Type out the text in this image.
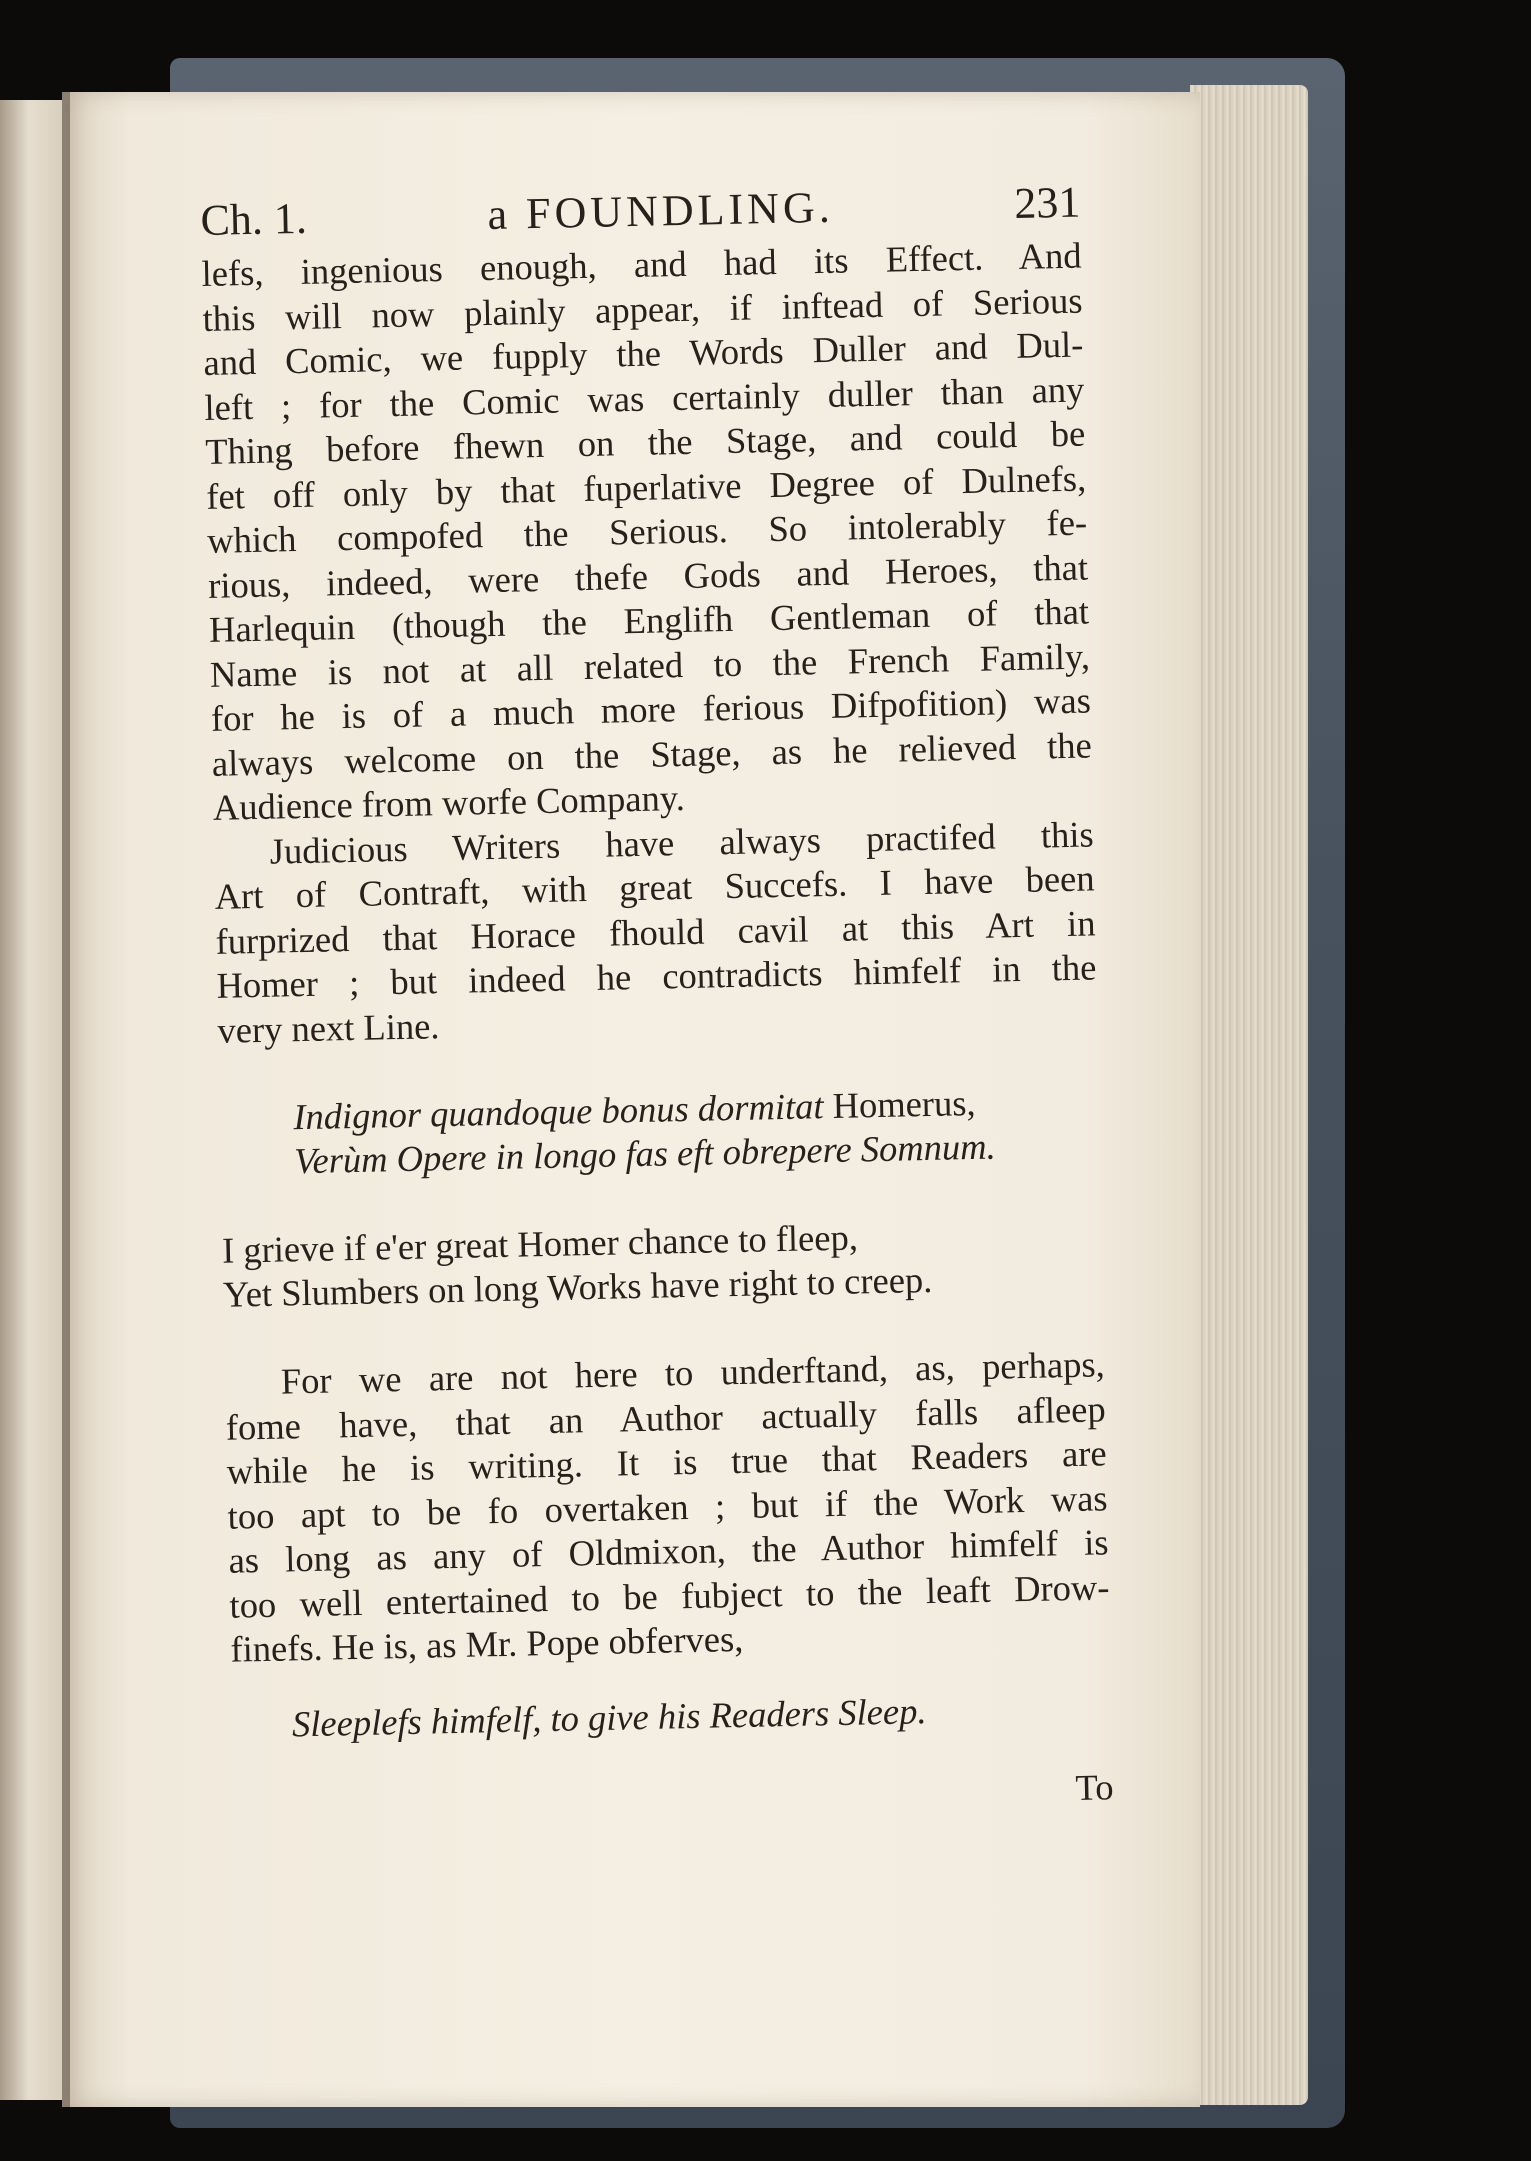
Ch. 1.	a FOUNDLING.	231
lefs, ingenious enough, and had its Effect. And
this will now plainly appear, if inftead of Serious
and Comic, we fupply the Words Duller and Dul-
left ; for the Comic was certainly duller than any
Thing before fhewn on the Stage, and could be
fet off only by that fuperlative Degree of Dulnefs,
which compofed the Serious. So intolerably fe-
rious, indeed, were thefe Gods and Heroes, that
Harlequin (though the Englifh Gentleman of that
Name is not at all related to the French Family,
for he is of a much more ferious Difpofition) was
always welcome on the Stage, as he relieved the
Audience from worfe Company.
Judicious Writers have always practifed this
Art of Contraft, with great Succefs. I have been
furprized that Horace fhould cavil at this Art in
Homer ; but indeed he contradicts himfelf in the
very next Line.
Indignor quandoque bonus dormitat Homerus,
Verùm Opere in longo fas eft obrepere Somnum.
I grieve if e'er great Homer chance to fleep,
Yet Slumbers on long Works have right to creep.
For we are not here to underftand, as, perhaps,
fome have, that an Author actually falls afleep
while he is writing. It is true that Readers are
too apt to be fo overtaken ; but if the Work was
as long as any of Oldmixon, the Author himfelf is
too well entertained to be fubject to the leaft Drow-
finefs. He is, as Mr. Pope obferves,
Sleeplefs himfelf, to give his Readers Sleep.
To
